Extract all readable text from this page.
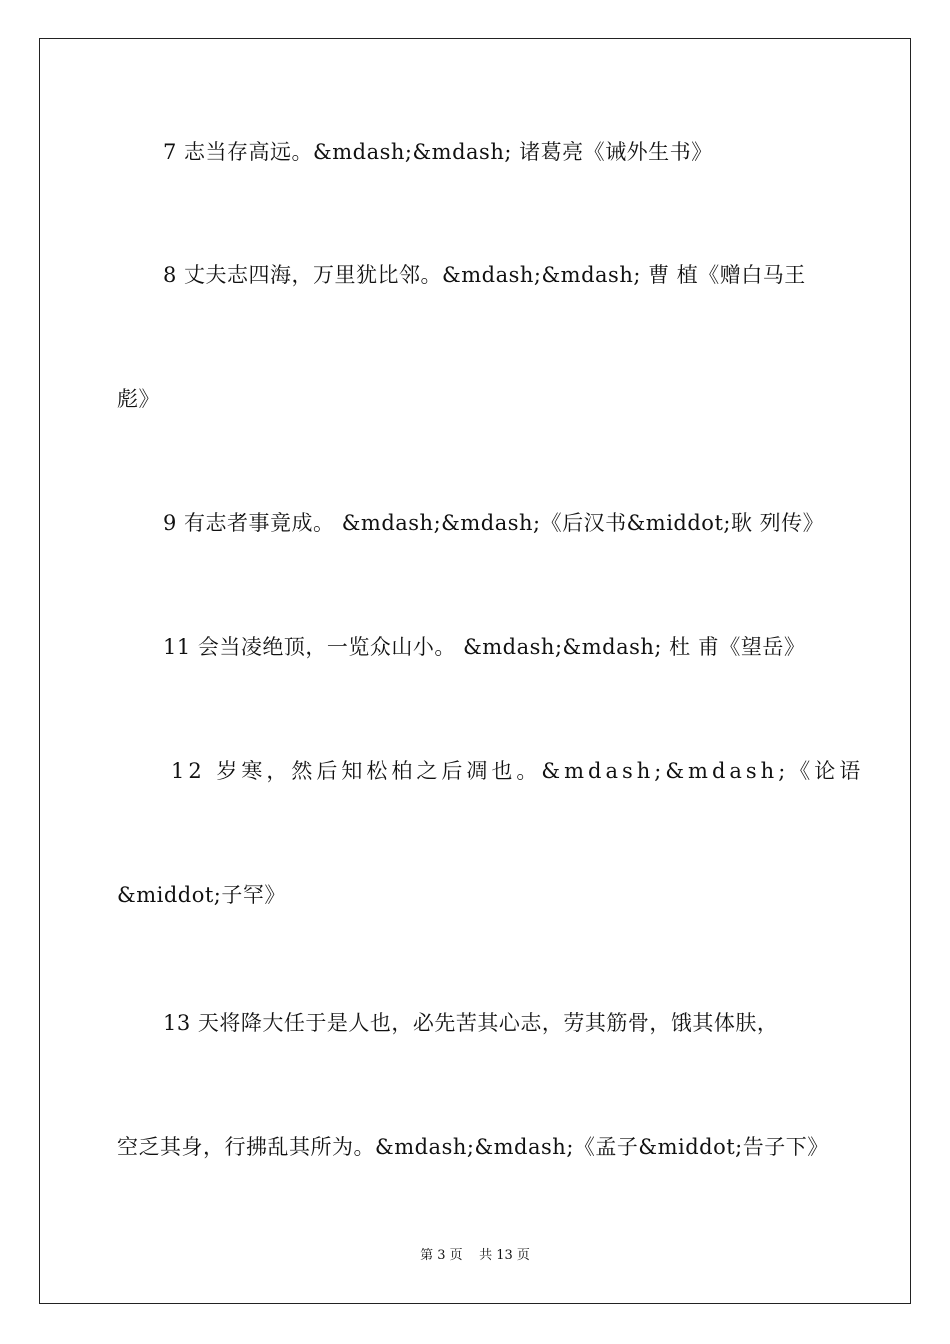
7 志当存高远。&mdash;&mdash; 诸葛亮《诫外生书》
8 丈夫志四海，万里犹比邻。&mdash;&mdash; 曹 植《赠白马王
彪》
9 有志者事竟成。 &mdash;&mdash;《后汉书&middot;耿 列传》
11 会当凌绝顶，一览众山小。 &mdash;&mdash; 杜 甫《望岳》
12 岁寒，然后知松柏之后凋也。&mdash;&mdash;《论语
&middot;子罕》
13 天将降大任于是人也，必先苦其心志，劳其筋骨，饿其体肤，
空乏其身，行拂乱其所为。&mdash;&mdash;《孟子&middot;告子下》
第 3 页    共 13 页
